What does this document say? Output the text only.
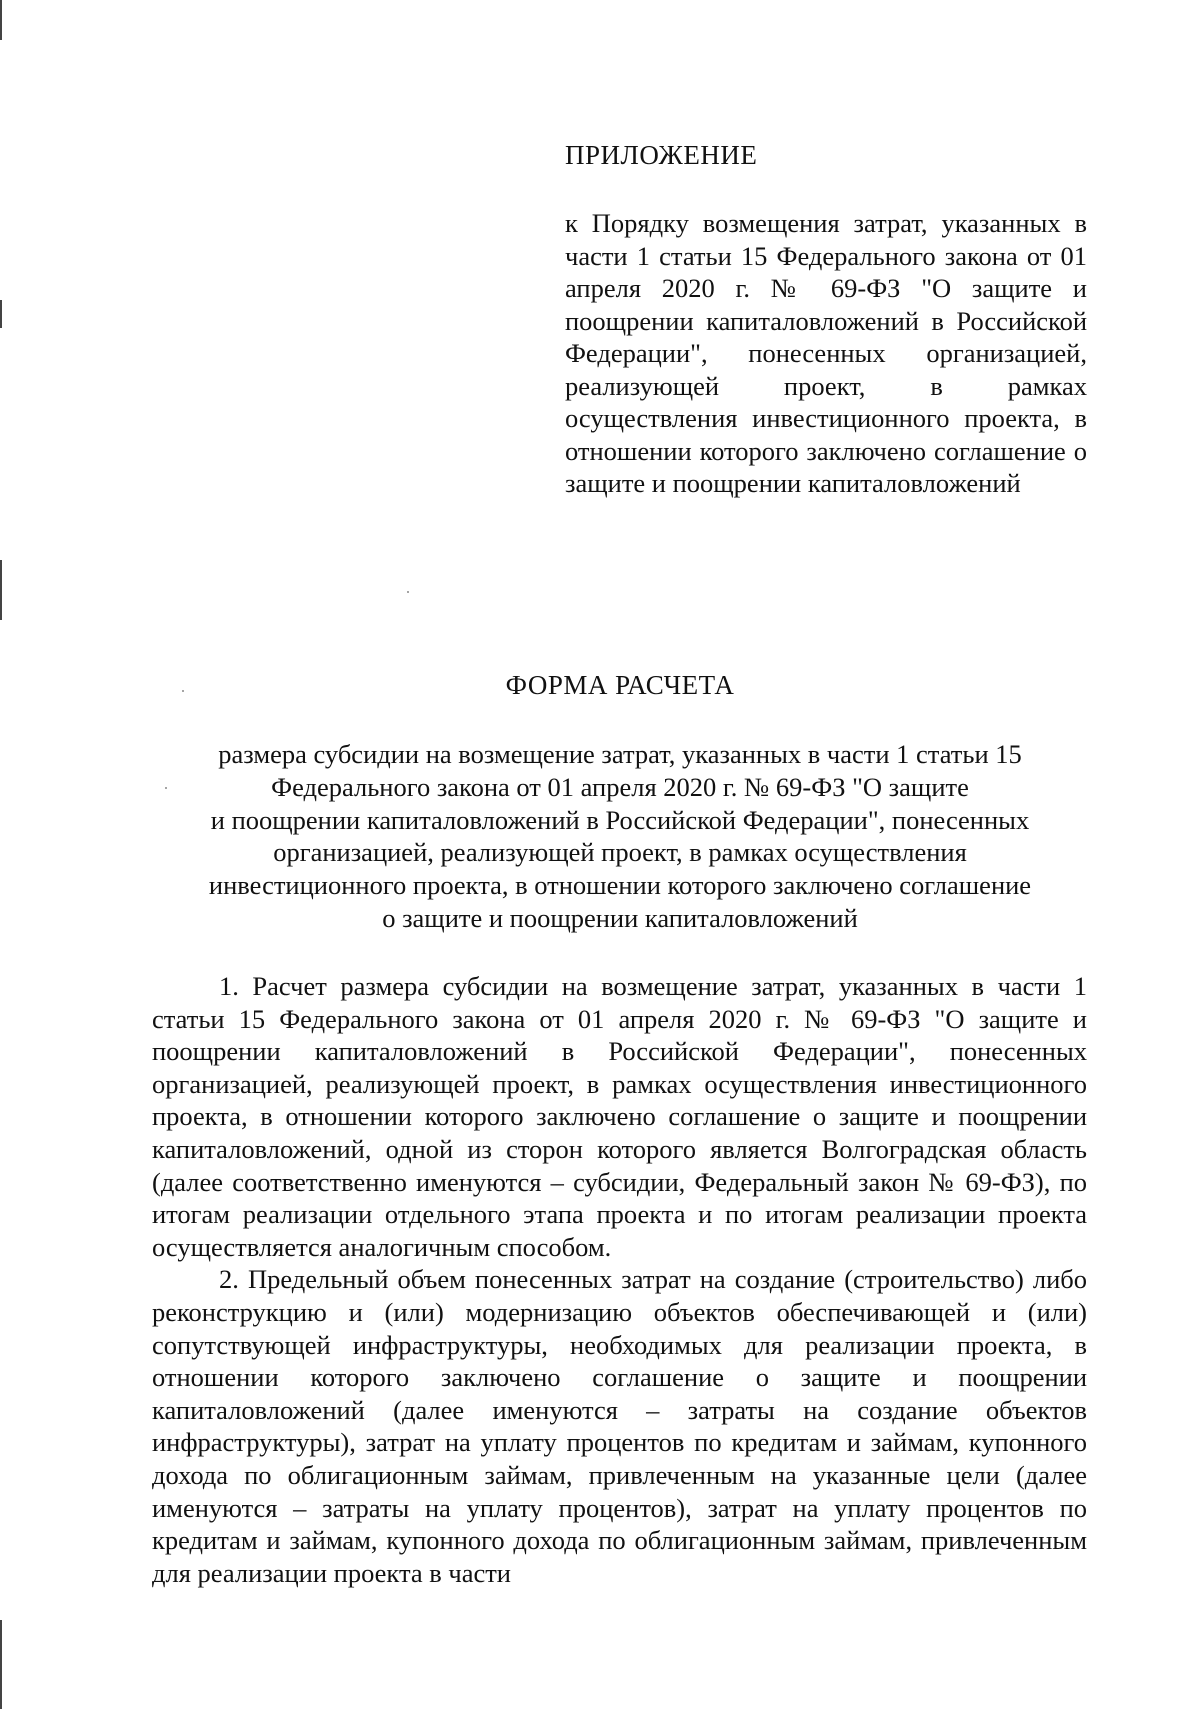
ПРИЛОЖЕНИЕ

к Порядку возмещения затрат, указанных в части 1 статьи 15 Федерального закона от 01 апреля 2020 г. № 69-ФЗ "О защите и поощрении капиталовложений в Российской Федерации", понесенных организацией, реализующей проект, в рамках осуществления инвестиционного проекта, в отношении которого заключено соглашение о защите и поощрении капиталовложений

ФОРМА РАСЧЕТА

размера субсидии на возмещение затрат, указанных в части 1 статьи 15
Федерального закона от 01 апреля 2020 г. № 69-ФЗ "О защите
и поощрении капиталовложений в Российской Федерации", понесенных
организацией, реализующей проект, в рамках осуществления
инвестиционного проекта, в отношении которого заключено соглашение
о защите и поощрении капиталовложений

1. Расчет размера субсидии на возмещение затрат, указанных в части 1 статьи 15 Федерального закона от 01 апреля 2020 г. № 69-ФЗ "О защите и поощрении капиталовложений в Российской Федерации", понесенных организацией, реализующей проект, в рамках осуществления инвестиционного проекта, в отношении которого заключено соглашение о защите и поощрении капиталовложений, одной из сторон которого является Волгоградская область (далее соответственно именуются – субсидии, Федеральный закон № 69-ФЗ), по итогам реализации отдельного этапа проекта и по итогам реализации проекта осуществляется аналогичным способом.

2. Предельный объем понесенных затрат на создание (строительство) либо реконструкцию и (или) модернизацию объектов обеспечивающей и (или) сопутствующей инфраструктуры, необходимых для реализации проекта, в отношении которого заключено соглашение о защите и поощрении капиталовложений (далее именуются – затраты на создание объектов инфраструктуры), затрат на уплату процентов по кредитам и займам, купонного дохода по облигационным займам, привлеченным на указанные цели (далее именуются – затраты на уплату процентов), затрат на уплату процентов по кредитам и займам, купонного дохода по облигационным займам, привлеченным для реализации проекта в части
